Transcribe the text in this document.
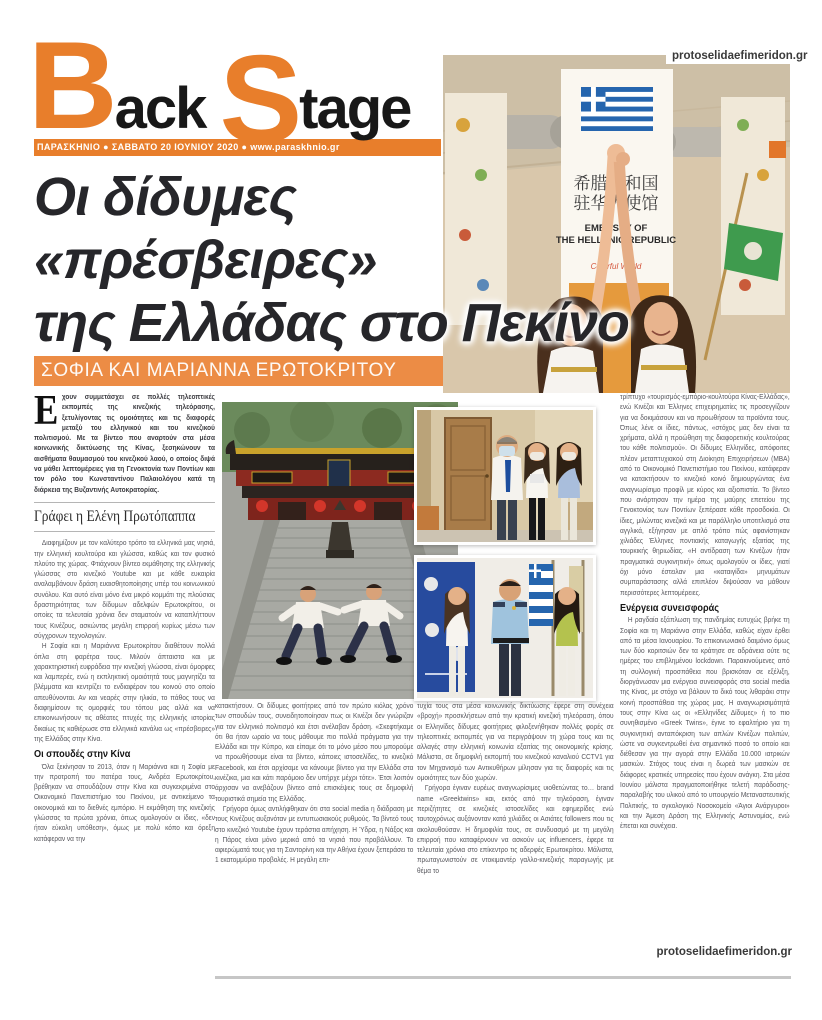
Back Stage
ΠΑΡΑΣΚΗΝΙΟ ● ΣΑΒΒΑΤΟ 20 ΙΟΥΝΙΟΥ 2020 ● www.paraskhnio.gr
protoselidaefimeridon.gr
希腊共和国
驻华大使馆
EMBASSY OF
THE HELLENIC REPUBLIC
Colorful World
Οι δίδυμες
«πρέσβειρες»
της Ελλάδας στο Πεκίνο
ΣΟΦΙΑ ΚΑΙ ΜΑΡΙΑΝΝΑ ΕΡΩΤΟΚΡΙΤΟΥ

Εχουν συμμετάσχει σε πολλές τηλεοπτικές εκπομπές της κινεζικής τηλεόρασης, ξετυλίγοντας τις ομοιότητες και τις διαφορές μεταξύ του ελληνικού και του κινεζικού πολιτισμού. Με τα βίντεο που αναρτούν στα μέσα κοινωνικής δικτύωσης της Κίνας, ξεσηκώνουν τα αισθήματα θαυμασμού του κινεζικού λαού, ο οποίος διψά να μάθει λεπτομέρειες για τη Γενοκτονία των Ποντίων και τον ρόλο του Κωνσταντίνου Παλαιολόγου κατά τη διάρκεια της Βυζαντινής Αυτοκρατορίας.

Γράφει η Ελένη Πρωτόπαππα

Διαφημίζουν με τον καλύτερο τρόπο τα ελληνικά μας νησιά, την ελληνική κουλτούρα και γλώσσα, καθώς και τον φυσικό πλούτο της χώρας. Φτιάχνουν βίντεο εκμάθησης της ελληνικής γλώσσας στο κινεζικό Youtube και με κάθε ευκαιρία αναλαμβάνουν δράση ευαισθητοποίησης υπέρ του κοινωνικού συνόλου. Και αυτό είναι μόνο ένα μικρό κομμάτι της πλούσιας δραστηριότητας των δίδυμων αδελφών Ερωτοκρίτου, οι οποίες τα τελευταία χρόνια δεν σταματούν να καταπλήττουν τους Κινέζους, ασκώντας μεγάλη επιρροή κυρίως μέσω των σύγχρονων τεχνολογιών.

Η Σοφία και η Μαριάννα Ερωτοκρίτου διαθέτουν πολλά όπλα στη φαρέτρα τους. Μιλούν άπταιστα και με χαρακτηριστική ευφράδεια την κινεζική γλώσσα, είναι όμορφες και λαμπερές, ενώ η εκπληκτική ομοιότητά τους μαγνητίζει τα βλέμματα και κεντρίζει το ενδιαφέρον του κοινού στο οποίο απευθύνονται. Αν και νεαρές στην ηλικία, το πάθος τους να διαφημίσουν τις ομορφιές του τόπου μας αλλά και να επικοινωνήσουν τις αθέατες πτυχές της ελληνικής ιστορίας δικαίως τις καθιέρωσε στα ελληνικά κανάλια ως «πρέσβειρες» της Ελλάδας στην Κίνα.

Οι σπουδές στην Κίνα

Όλα ξεκίνησαν το 2013, όταν η Μαριάννα και η Σοφία με την προτροπή του πατέρα τους, Ανδρέα Ερωτοκρίτου, βρέθηκαν να σπουδάζουν στην Κίνα και συγκεκριμένα στο Οικονομικό Πανεπιστήμιο του Πεκίνου, με αντικείμενο τα οικονομικά και το διεθνές εμπόριο. Η εκμάθηση της κινεζικής γλώσσας τα πρώτα χρόνια, όπως ομολογούν οι ίδιες, «δεν ήταν εύκολη υπόθεση», όμως με πολύ κόπο και όρεξη κατάφεραν να την

κατακτήσουν. Οι δίδυμες φοιτήτριες από τον πρώτο κιόλας χρόνο των σπουδών τους, συνειδητοποίησαν πως οι Κινέζοι δεν γνώριζαν για τον ελληνικό πολιτισμό και έτσι ανέλαβαν δράση. «Σκεφτήκαμε ότι θα ήταν ωραίο να τους μάθουμε πιο πολλά πράγματα για την Ελλάδα και την Κύπρο, και είπαμε ότι το μόνο μέσο που μπορούμε να προωθήσουμε είναι τα βίντεο, κάποιες ιστοσελίδες, το κινεζικό Facebook, και έτσι αρχίσαμε να κάνουμε βίντεο για την Ελλάδα στα κινέζικα, μια και κάτι παρόμοιο δεν υπήρχε μέχρι τότε». Έτσι λοιπόν άρχισαν να ανεβάζουν βίντεο από επισκέψεις τους σε δημοφιλή τουριστικά σημεία της Ελλάδας.

Γρήγορα όμως αντιλήφθηκαν ότι στα social media η διάδραση με τους Κινέζους αυξανόταν με εντυπωσιακούς ρυθμούς. Τα βίντεό τους στο κινεζικό Youtube έχουν τεράστια απήχηση. Η Ύδρα, η Νάξος και η Πάρος είναι μόνο μερικά από τα νησιά που προβάλλουν. Το αφιερώματά τους για τη Σαντορίνη και την Αθήνα έχουν ξεπεράσει το 1 εκατομμύριο προβολές. Η μεγάλη επι-

τυχία τους στα μέσα κοινωνικής δικτύωσης έφερε στη συνέχεια «βροχή» προσκλήσεων από την κρατική κινεζική τηλεόραση, όπου οι Ελληνίδες δίδυμες φοιτήτριες φιλοξενήθηκαν πολλές φορές σε τηλεοπτικές εκπομπές για να περιγράψουν τη χώρα τους και τις αλλαγές στην ελληνική κοινωνία εξαιτίας της οικονομικής κρίσης. Μάλιστα, σε δημοφιλή εκπομπή του κινεζικού καναλιού CCTV1 για τον Μηχανισμό των Αντικυθήρων μίλησαν για τις διαφορές και τις ομοιότητες των δύο χωρών.

Γρήγορα έγιναν ευρέως αναγνωρίσιμες υιοθετώντας το… brand name «Greektwins» και, εκτός από την τηλεόραση, έγιναν περιζήτητες σε κινεζικές ιστοσελίδες και εφημερίδες ενώ ταυτοχρόνως αυξάνονταν κατά χιλιάδες οι Ασιάτες followers που τις ακολουθούσαν. Η δημοφιλία τους, σε συνδυασμό με τη μεγάλη επιρροή που καταφέρνουν να ασκούν ως influencers, έφερε τα τελευταία χρόνια στο επίκεντρο τις αδερφές Ερωτοκρίτου. Μάλιστα, πρωταγωνιστούν σε ντοκιμαντέρ γαλλο-κινεζικής παραγωγής με θέμα το

τρίπτυχο «τουρισμός-εμπόριο-κουλτούρα Κίνας-Ελλάδας», ενώ Κινέζοι και Έλληνες επιχειρηματίες τις προσεγγίζουν για να δοκιμάσουν και να προωθήσουν τα προϊόντα τους. Όπως λένε οι ίδιες, πάντως, «στόχος μας δεν είναι τα χρήματα, αλλά η προώθηση της διαφορετικής κουλτούρας του κάθε πολιτισμού». Οι δίδυμες Ελληνίδες, απόφοιτες πλέον μεταπτυχιακού στη Διοίκηση Επιχειρήσεων (MBA) από το Οικονομικό Πανεπιστήμιο του Πεκίνου, κατάφεραν να κατακτήσουν το κινεζικό κοινό δημιουργώντας ένα αναγνωρίσιμο προφίλ με κύρος και αξιοπιστία. Το βίντεο που ανάρτησαν την ημέρα της μαύρης επετείου της Γενοκτονίας των Ποντίων ξεπέρασε κάθε προσδοκία. Οι ίδιες, μιλώντας κινεζικά και με παράλληλο υποτιτλισμό στα αγγλικά, εξήγησαν με απλό τρόπο πώς αφανίστηκαν χιλιάδες Έλληνες ποντιακής καταγωγής εξαιτίας της τουρκικής θηριωδίας. «Η αντίδραση των Κινέζων ήταν πραγματικά συγκινητική» όπως ομολογούν οι ίδιες, γιατί όχι μόνο έστειλαν μια «καταιγίδα» μηνυμάτων συμπαράστασης αλλά επιπλέον διψούσαν να μάθουν περισσότερες λεπτομέρειες.

Ενέργεια συνεισφοράς

Η ραγδαία εξάπλωση της πανδημίας ευτυχώς βρήκε τη Σοφία και τη Μαριάννα στην Ελλάδα, καθώς είχαν έρθει από τα μέσα Ιανουαρίου. Το επικοινωνιακό δαιμόνιο όμως των δύο κοριτσιών δεν τα κράτησε σε αδράνεια ούτε τις ημέρες του επιβλημένου lockdown. Παρακινούμενες από τη συλλογική προσπάθεια που βρισκόταν σε εξέλιξη, διοργάνωσαν μια ενέργεια συνεισφοράς στα social media της Κίνας, με στόχο να βάλουν το δικό τους λιθαράκι στην κοινή προσπάθεια της χώρας μας. Η αναγνωρισιμότητά τους στην Κίνα ως οι «Ελληνίδες Δίδυμες» ή το πιο συνηθισμένο «Greek Twins», έγινε το εφαλτήριο για τη συγκινητική ανταπόκριση των απλών Κινέζων πολιτών, ώστε να συγκεντρωθεί ένα σημαντικό ποσό το οποίο και διέθεσαν για την αγορά στην Ελλάδα 10.000 ιατρικών μασκών. Στόχος τους είναι η δωρεά των μασκών σε διάφορες κρατικές υπηρεσίες που έχουν ανάγκη. Στα μέσα Ιουνίου μάλιστα πραγματοποιήθηκε τελετή παράδοσης-παραλαβής του υλικού από το υπουργείο Μεταναστευτικής Πολιτικής, το ογκολογικό Νοσοκομείο «Άγιοι Ανάργυροι» και την Άμεση Δράση της Ελληνικής Αστυνομίας, ενώ έπεται και συνέχεια.

protoselidaefimeridon.gr
